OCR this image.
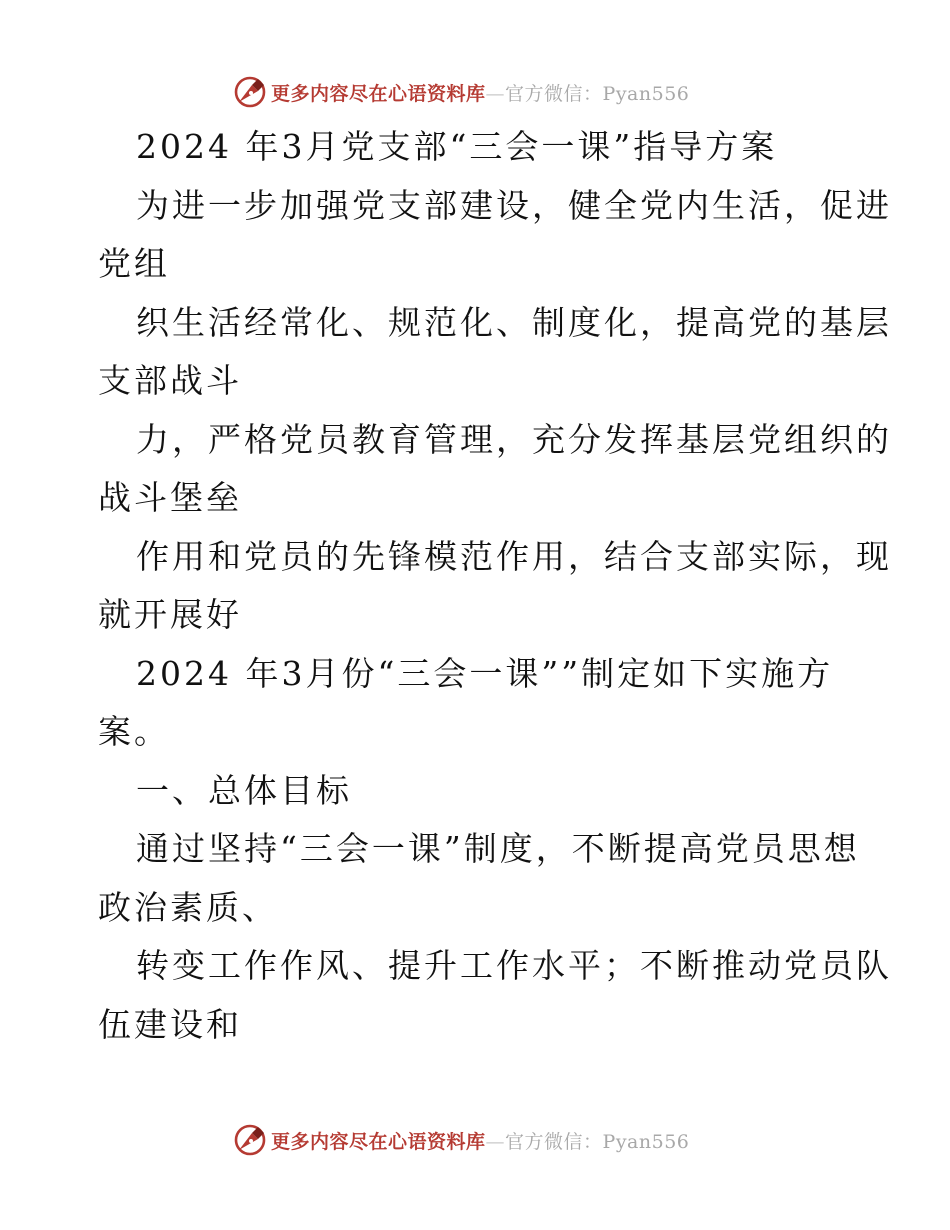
更多内容尽在心语资料库—官方微信：Pyan556
2024 年3月党支部“三会一课”指导方案
为进一步加强党支部建设，健全党内生活，促进
党组
织生活经常化、规范化、制度化，提高党的基层
支部战斗
力，严格党员教育管理，充分发挥基层党组织的
战斗堡垒
作用和党员的先锋模范作用，结合支部实际，现
就开展好
2024 年3月份“三会一课””制定如下实施方
案。
一、总体目标
通过坚持“三会一课”制度，不断提高党员思想
政治素质、
转变工作作风、提升工作水平；不断推动党员队
伍建设和
更多内容尽在心语资料库—官方微信：Pyan556
